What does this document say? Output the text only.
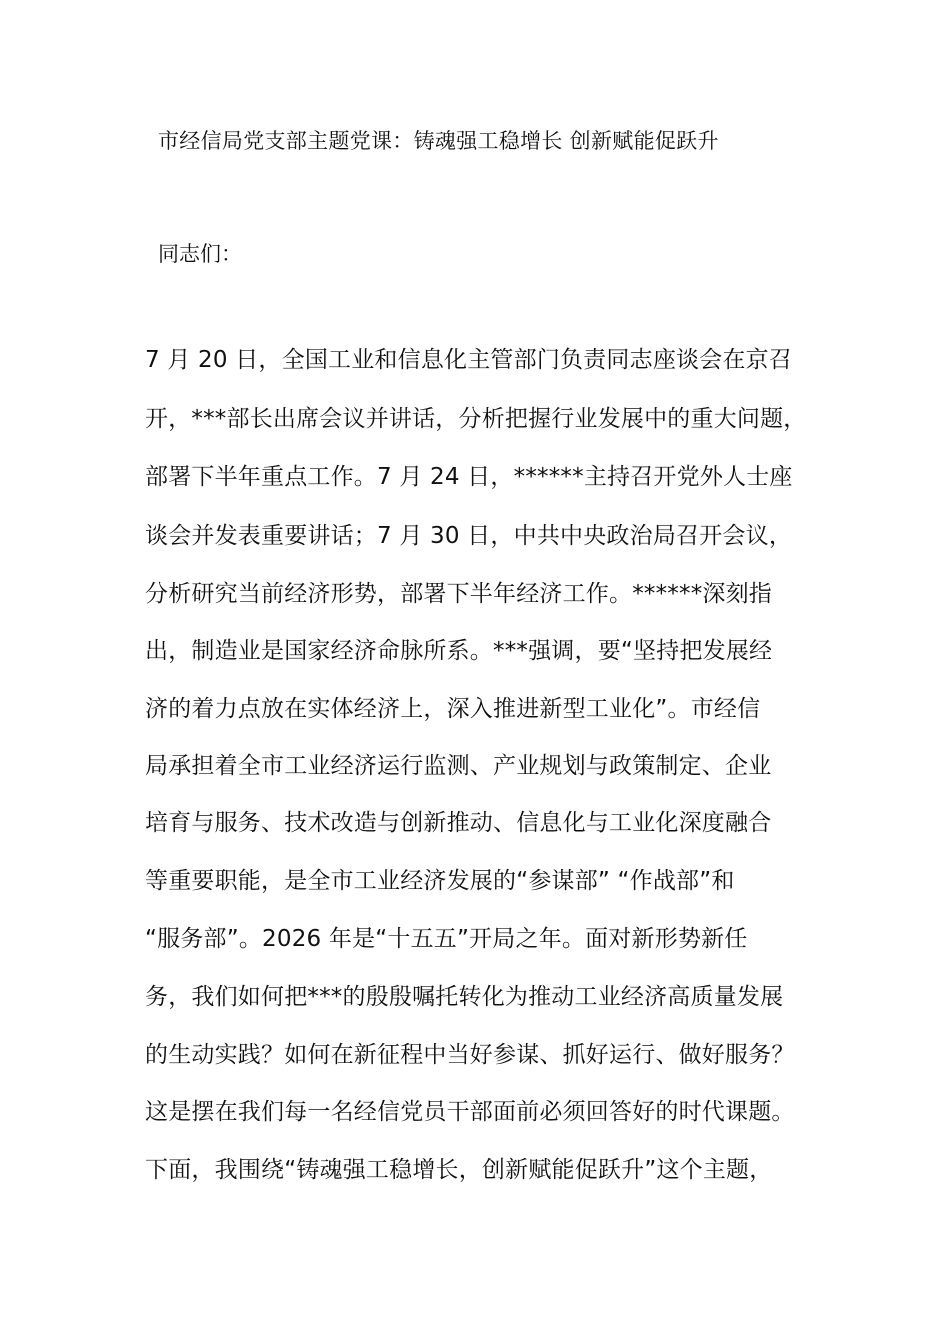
市经信局党支部主题党课：铸魂强工稳增长 创新赋能促跃升
同志们：
7 月 20 日，全国工业和信息化主管部门负责同志座谈会在京召
开，***部长出席会议并讲话，分析把握行业发展中的重大问题，
部署下半年重点工作。7 月 24 日，******主持召开党外人士座
谈会并发表重要讲话；7 月 30 日，中共中央政治局召开会议，
分析研究当前经济形势，部署下半年经济工作。******深刻指
出，制造业是国家经济命脉所系。***强调，要“坚持把发展经
济的着力点放在实体经济上，深入推进新型工业化”。市经信
局承担着全市工业经济运行监测、产业规划与政策制定、企业
培育与服务、技术改造与创新推动、信息化与工业化深度融合
等重要职能，是全市工业经济发展的“参谋部” “作战部”和
“服务部”。2026 年是“十五五”开局之年。面对新形势新任
务，我们如何把***的殷殷嘱托转化为推动工业经济高质量发展
的生动实践？如何在新征程中当好参谋、抓好运行、做好服务？
这是摆在我们每一名经信党员干部面前必须回答好的时代课题。
下面，我围绕“铸魂强工稳增长，创新赋能促跃升”这个主题，
